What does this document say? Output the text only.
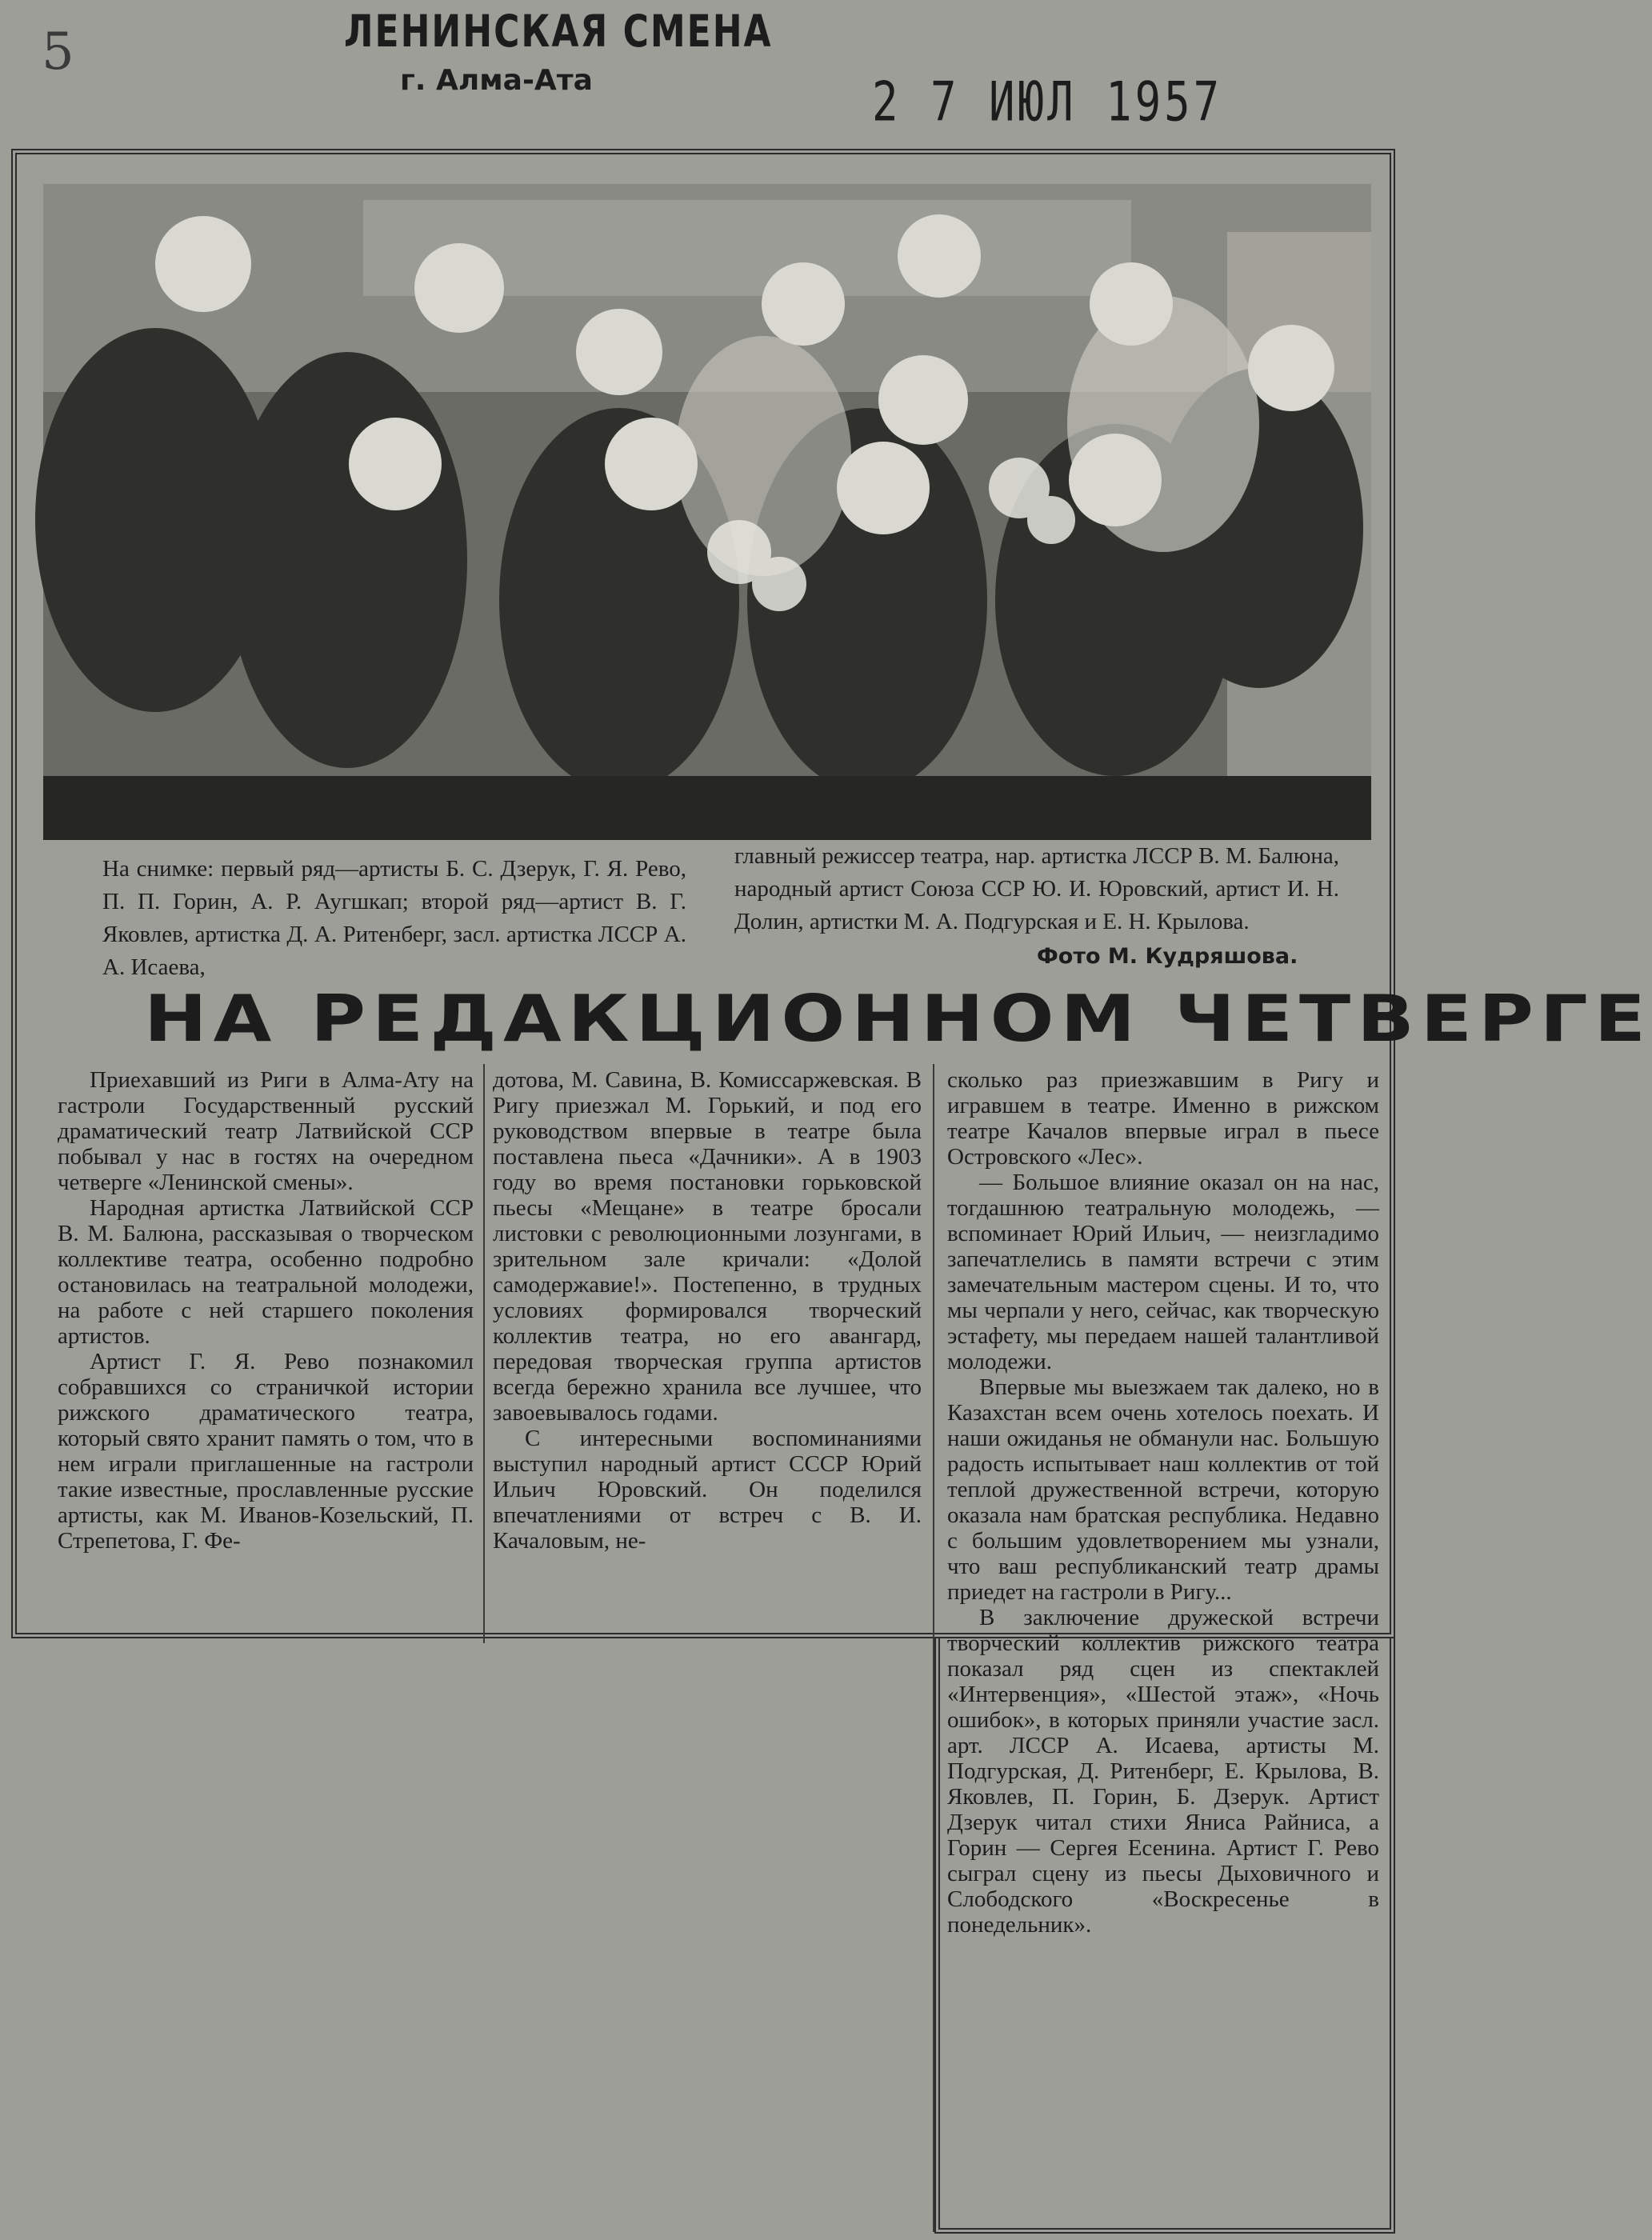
5	ЛЕНИНСКАЯ СМЕНА
г. Алма-Ата	2 7 ИЮЛ 1957
На снимке: первый ряд—артисты Б. С. Дзерук, Г. Я. Рево, П. П. Горин, А. Р. Аугшкап; второй ряд—артист В. Г. Яковлев, артистка Д. А. Ритенберг, засл. артистка ЛССР А. А. Исаева,
главный режиссер театра, нар. артистка ЛССР В. М. Балюна, народный артист Союза ССР Ю. И. Юровский, артист И. Н. Долин, артистки М. А. Подгурская и Е. Н. Крылова.
Фото М. Кудряшова.
НА РЕДАКЦИОННОМ ЧЕТВЕРГЕ

Приехавший из Риги в Алма-Ату на гастроли Государственный русский драматический театр Латвийской ССР побывал у нас в гостях на очередном четверге «Ленинской смены».

Народная артистка Латвийской ССР В. М. Балюна, рассказывая о творческом коллективе театра, особенно подробно остановилась на театральной молодежи, на работе с ней старшего поколения артистов.

Артист Г. Я. Рево познакомил собравшихся со страничкой истории рижского драматического театра, который свято хранит память о том, что в нем играли приглашенные на гастроли такие известные, прославленные русские артисты, как М. Иванов-Козельский, П. Стрепетова, Г. Фе-

дотова, М. Савина, В. Комиссаржевская. В Ригу приезжал М. Горький, и под его руководством впервые в театре была поставлена пьеса «Дачники». А в 1903 году во время постановки горьковской пьесы «Мещане» в театре бросали листовки с революционными лозунгами, в зрительном зале кричали: «Долой самодержавие!». Постепенно, в трудных условиях формировался творческий коллектив театра, но его авангард, передовая творческая группа артистов всегда бережно хранила все лучшее, что завоевывалось годами.

С интересными воспоминаниями выступил народный артист СССР Юрий Ильич Юровский. Он поделился впечатлениями от встреч с В. И. Качаловым, не-

сколько раз приезжавшим в Ригу и игравшем в театре. Именно в рижском театре Качалов впервые играл в пьесе Островского «Лес».

— Большое влияние оказал он на нас, тогдашнюю театральную молодежь, — вспоминает Юрий Ильич, — неизгладимо запечатлелись в памяти встречи с этим замечательным мастером сцены. И то, что мы черпали у него, сейчас, как творческую эстафету, мы передаем нашей талантливой молодежи.

Впервые мы выезжаем так далеко, но в Казахстан всем очень хотелось поехать. И наши ожиданья не обманули нас. Большую радость испытывает наш коллектив от той теплой дружественной встречи, которую оказала нам братская республика. Недавно с большим удовлетворением мы узнали, что ваш республиканский театр драмы приедет на гастроли в Ригу...

В заключение дружеской встречи творческий коллектив рижского театра показал ряд сцен из спектаклей «Интервенция», «Шестой этаж», «Ночь ошибок», в которых приняли участие засл. арт. ЛССР А. Исаева, артисты М. Подгурская, Д. Ритенберг, Е. Крылова, В. Яковлев, П. Горин, Б. Дзерук. Артист Дзерук читал стихи Яниса Райниса, а Горин — Сергея Есенина. Артист Г. Рево сыграл сцену из пьесы Дыховичного и Слободского «Воскресенье в понедельник».
